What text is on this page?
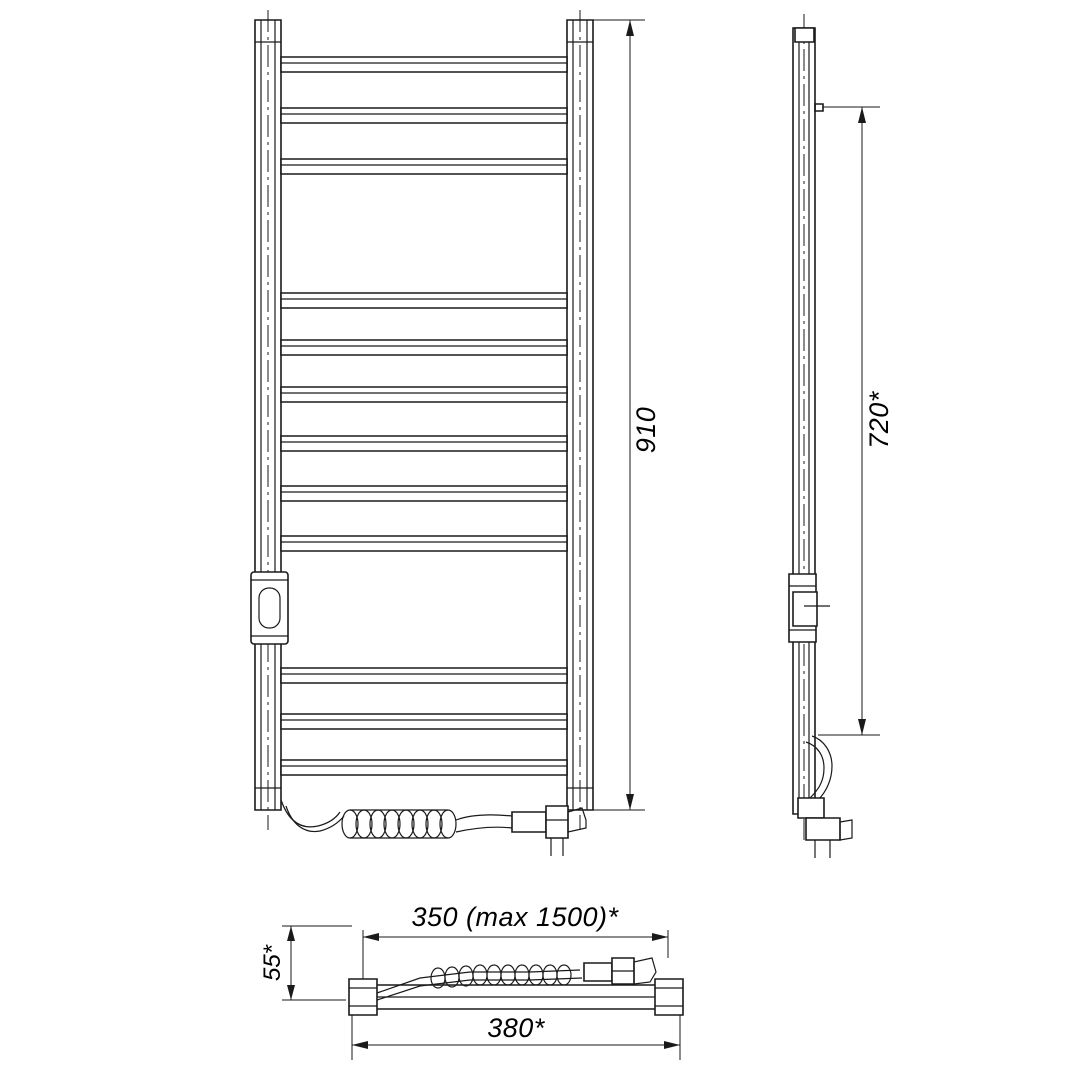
910	720*
55*
350 (max 1500)*
380*
